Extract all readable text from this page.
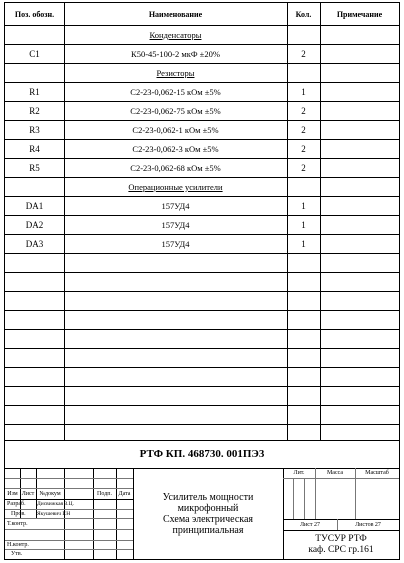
Поз. обозн.	Наименование	Кол.	Примечание
Конденсаторы
C1	К50-45-100-2 мкФ ±20%	2
Резисторы
R1	С2-23-0,062-15 кОм ±5%	1
R2	С2-23-0,062-75 кОм ±5%	2
R3	С2-23-0,062-1 кОм ±5%	2
R4	С2-23-0,062-3 кОм ±5%	2
R5	С2-23-0,062-68 кОм ±5%	2
Операционные усилители
DA1	157УД4	1
DA2	157УД4	1
DA3	157УД4	1
РТФ КП. 468730. 001ПЭ3
Изм Лист №докум	Подп.	Дата
Разраб.	Дисвижкая З.Ц.
Пров.	Якушевич Г.Н
Т.контр.
Н.контр.
Утв.
Усилитель мощности
микрофонный
Схема электрическая
принципиальная
Лит.	Масса	Масштаб
Лист 27	Листов 27
ТУСУР РТФ
каф. СРС гр.161
